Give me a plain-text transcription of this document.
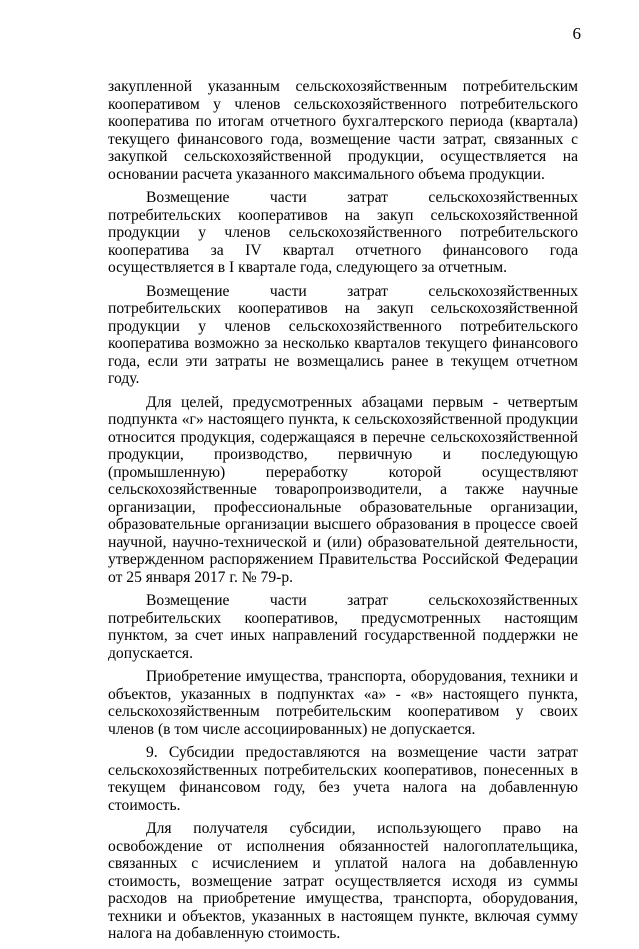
6

закупленной указанным сельскохозяйственным потребительским кооперативом у членов сельскохозяйственного потребительского кооператива по итогам отчетного бухгалтерского периода (квартала) текущего финансового года, возмещение части затрат, связанных с закупкой сельскохозяйственной продукции, осуществляется на основании расчета указанного максимального объема продукции.

Возмещение части затрат сельскохозяйственных потребительских кооперативов на закуп сельскохозяйственной продукции у членов сельскохозяйственного потребительского кооператива за IV квартал отчетного финансового года осуществляется в I квартале года, следующего за отчетным.

Возмещение части затрат сельскохозяйственных потребительских кооперативов на закуп сельскохозяйственной продукции у членов сельскохозяйственного потребительского кооператива возможно за несколько кварталов текущего финансового года, если эти затраты не возмещались ранее в текущем отчетном году.

Для целей, предусмотренных абзацами первым - четвертым подпункта «г» настоящего пункта, к сельскохозяйственной продукции относится продукция, содержащаяся в перечне сельскохозяйственной продукции, производство, первичную и последующую (промышленную) переработку которой осуществляют сельскохозяйственные товаропроизводители, а также научные организации, профессиональные образовательные организации, образовательные организации высшего образования в процессе своей научной, научно-технической и (или) образовательной деятельности, утвержденном распоряжением Правительства Российской Федерации от 25 января 2017 г. № 79-р.

Возмещение части затрат сельскохозяйственных потребительских кооперативов, предусмотренных настоящим пунктом, за счет иных направлений государственной поддержки не допускается.

Приобретение имущества, транспорта, оборудования, техники и объектов, указанных в подпунктах «а» - «в» настоящего пункта, сельскохозяйственным потребительским кооперативом у своих членов (в том числе ассоциированных) не допускается.

9. Субсидии предоставляются на возмещение части затрат сельскохозяйственных потребительских кооперативов, понесенных в текущем финансовом году, без учета налога на добавленную стоимость.

Для получателя субсидии, использующего право на освобождение от исполнения обязанностей налогоплательщика, связанных с исчислением и уплатой налога на добавленную стоимость, возмещение затрат осуществляется исходя из суммы расходов на приобретение имущества, транспорта, оборудования, техники и объектов, указанных в настоящем пункте, включая сумму налога на добавленную стоимость.
